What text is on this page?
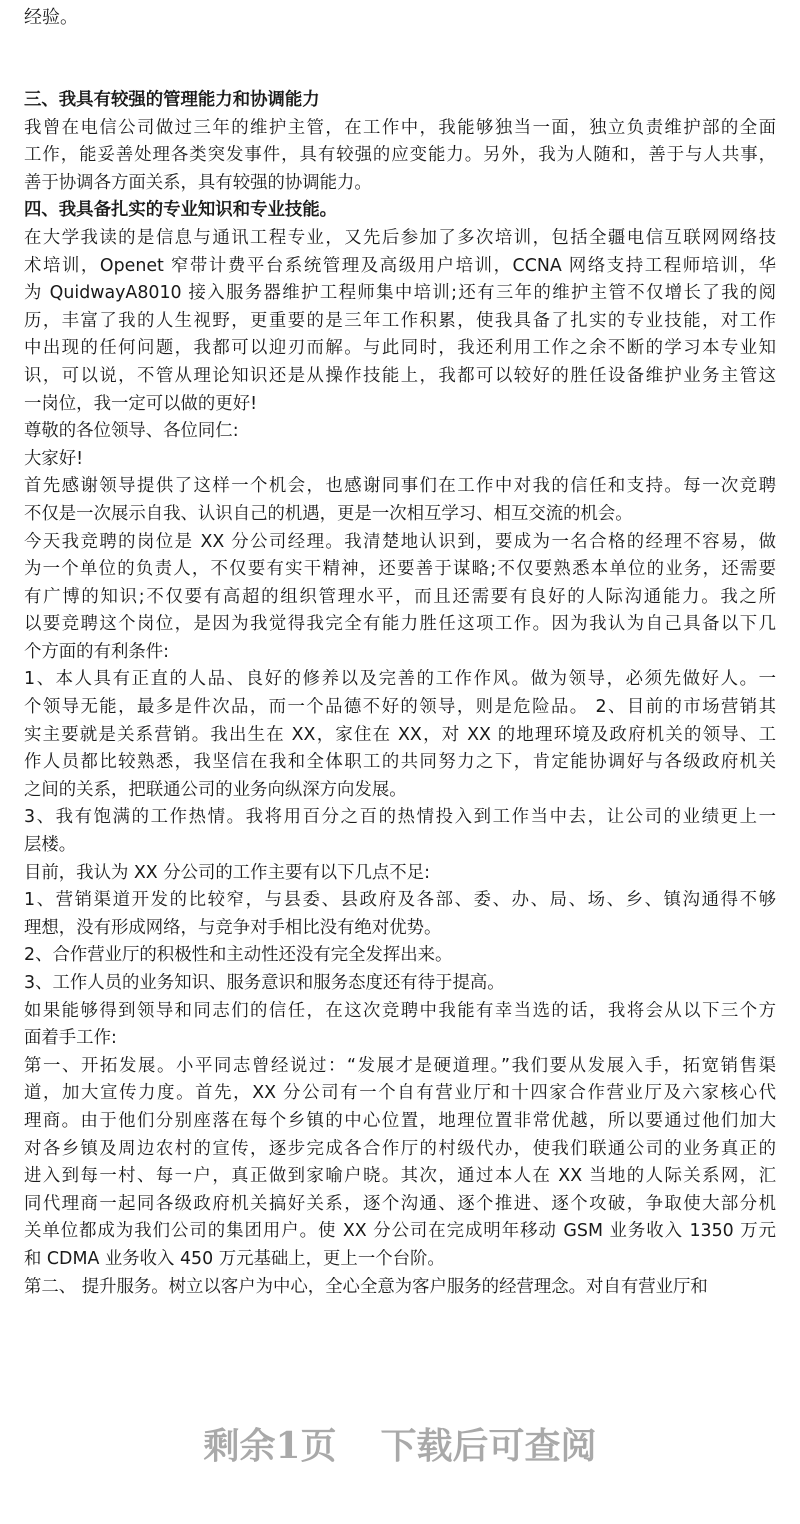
经验。
三、我具有较强的管理能力和协调能力
我曾在电信公司做过三年的维护主管，在工作中，我能够独当一面，独立负责维护部的全面
工作，能妥善处理各类突发事件，具有较强的应变能力。另外，我为人随和，善于与人共事，
善于协调各方面关系，具有较强的协调能力。
四、我具备扎实的专业知识和专业技能。
在大学我读的是信息与通讯工程专业，又先后参加了多次培训，包括全疆电信互联网网络技
术培训，Openet 窄带计费平台系统管理及高级用户培训，CCNA 网络支持工程师培训，华
为 QuidwayA8010 接入服务器维护工程师集中培训;还有三年的维护主管不仅增长了我的阅
历，丰富了我的人生视野，更重要的是三年工作积累，使我具备了扎实的专业技能，对工作
中出现的任何问题，我都可以迎刃而解。与此同时，我还利用工作之余不断的学习本专业知
识，可以说，不管从理论知识还是从操作技能上，我都可以较好的胜任设备维护业务主管这
一岗位，我一定可以做的更好!
尊敬的各位领导、各位同仁:
大家好!
首先感谢领导提供了这样一个机会，也感谢同事们在工作中对我的信任和支持。每一次竞聘
不仅是一次展示自我、认识自己的机遇，更是一次相互学习、相互交流的机会。
今天我竞聘的岗位是 XX 分公司经理。我清楚地认识到，要成为一名合格的经理不容易，做
为一个单位的负责人，不仅要有实干精神，还要善于谋略;不仅要熟悉本单位的业务，还需要
有广博的知识;不仅要有高超的组织管理水平，而且还需要有良好的人际沟通能力。我之所
以要竞聘这个岗位，是因为我觉得我完全有能力胜任这项工作。因为我认为自己具备以下几
个方面的有利条件:
1、本人具有正直的人品、良好的修养以及完善的工作作风。做为领导，必须先做好人。一
个领导无能，最多是件次品，而一个品德不好的领导，则是危险品。 2、目前的市场营销其
实主要就是关系营销。我出生在 XX，家住在 XX，对 XX 的地理环境及政府机关的领导、工
作人员都比较熟悉，我坚信在我和全体职工的共同努力之下，肯定能协调好与各级政府机关
之间的关系，把联通公司的业务向纵深方向发展。
3、我有饱满的工作热情。我将用百分之百的热情投入到工作当中去，让公司的业绩更上一
层楼。
目前，我认为 XX 分公司的工作主要有以下几点不足:
1、营销渠道开发的比较窄，与县委、县政府及各部、委、办、局、场、乡、镇沟通得不够
理想，没有形成网络，与竞争对手相比没有绝对优势。
2、合作营业厅的积极性和主动性还没有完全发挥出来。
3、工作人员的业务知识、服务意识和服务态度还有待于提高。
如果能够得到领导和同志们的信任，在这次竞聘中我能有幸当选的话，我将会从以下三个方
面着手工作:
第一、开拓发展。小平同志曾经说过：“发展才是硬道理。”我们要从发展入手，拓宽销售渠
道，加大宣传力度。首先，XX 分公司有一个自有营业厅和十四家合作营业厅及六家核心代
理商。由于他们分别座落在每个乡镇的中心位置，地理位置非常优越，所以要通过他们加大
对各乡镇及周边农村的宣传，逐步完成各合作厅的村级代办，使我们联通公司的业务真正的
进入到每一村、每一户，真正做到家喻户晓。其次，通过本人在 XX 当地的人际关系网，汇
同代理商一起同各级政府机关搞好关系，逐个沟通、逐个推进、逐个攻破，争取使大部分机
关单位都成为我们公司的集团用户。使 XX 分公司在完成明年移动 GSM 业务收入 1350 万元
和 CDMA 业务收入 450 万元基础上，更上一个台阶。
第二、 提升服务。树立以客户为中心，全心全意为客户服务的经营理念。对自有营业厅和
剩余1页 下载后可查阅
